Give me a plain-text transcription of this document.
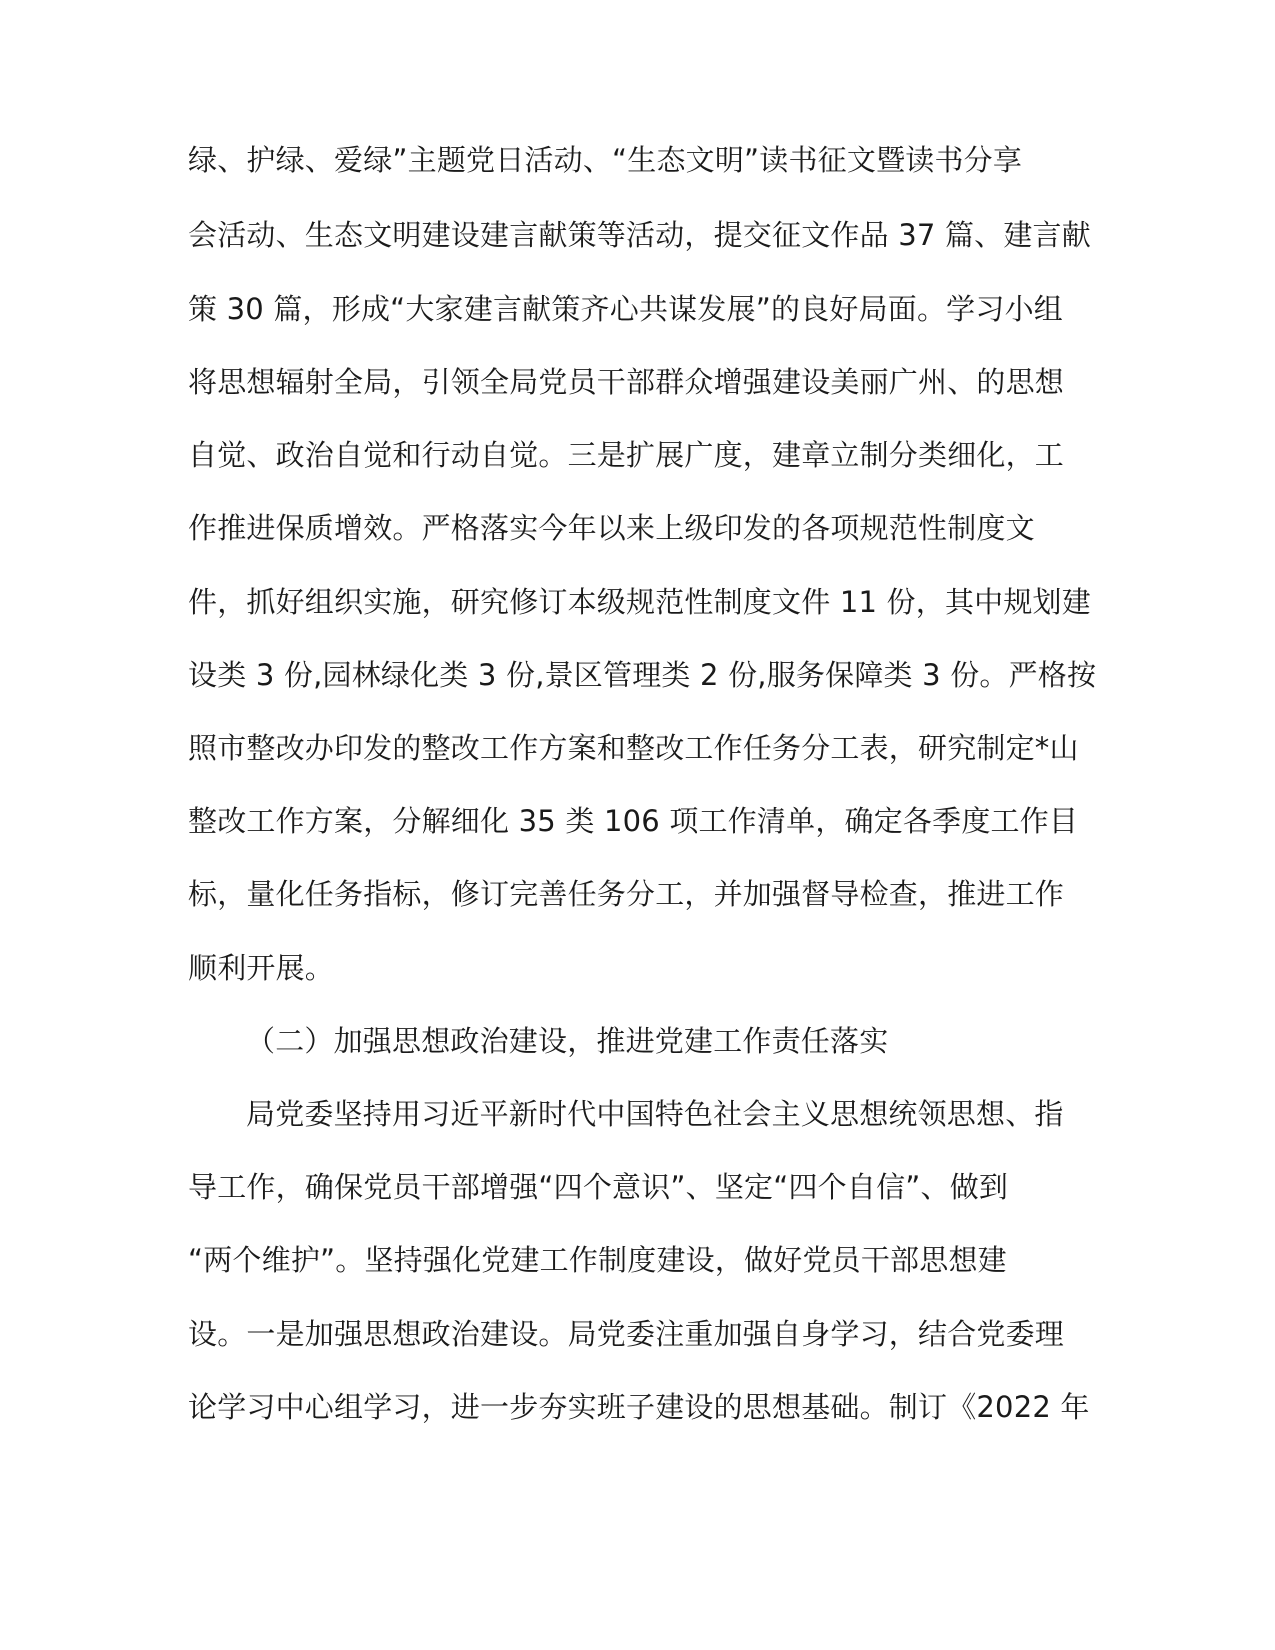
绿、护绿、爱绿”主题党日活动、“生态文明”读书征文暨读书分享
会活动、生态文明建设建言献策等活动，提交征文作品 37 篇、建言献
策 30 篇，形成“大家建言献策齐心共谋发展”的良好局面。学习小组
将思想辐射全局，引领全局党员干部群众增强建设美丽广州、的思想
自觉、政治自觉和行动自觉。三是扩展广度，建章立制分类细化，工
作推进保质增效。严格落实今年以来上级印发的各项规范性制度文
件，抓好组织实施，研究修订本级规范性制度文件 11 份，其中规划建
设类 3 份,园林绿化类 3 份,景区管理类 2 份,服务保障类 3 份。严格按
照市整改办印发的整改工作方案和整改工作任务分工表，研究制定*山
整改工作方案，分解细化 35 类 106 项工作清单，确定各季度工作目
标，量化任务指标，修订完善任务分工，并加强督导检查，推进工作
顺利开展。
（二）加强思想政治建设，推进党建工作责任落实
局党委坚持用习近平新时代中国特色社会主义思想统领思想、指
导工作，确保党员干部增强“四个意识”、坚定“四个自信”、做到
“两个维护”。坚持强化党建工作制度建设，做好党员干部思想建
设。一是加强思想政治建设。局党委注重加强自身学习，结合党委理
论学习中心组学习，进一步夯实班子建设的思想基础。制订《2022 年
